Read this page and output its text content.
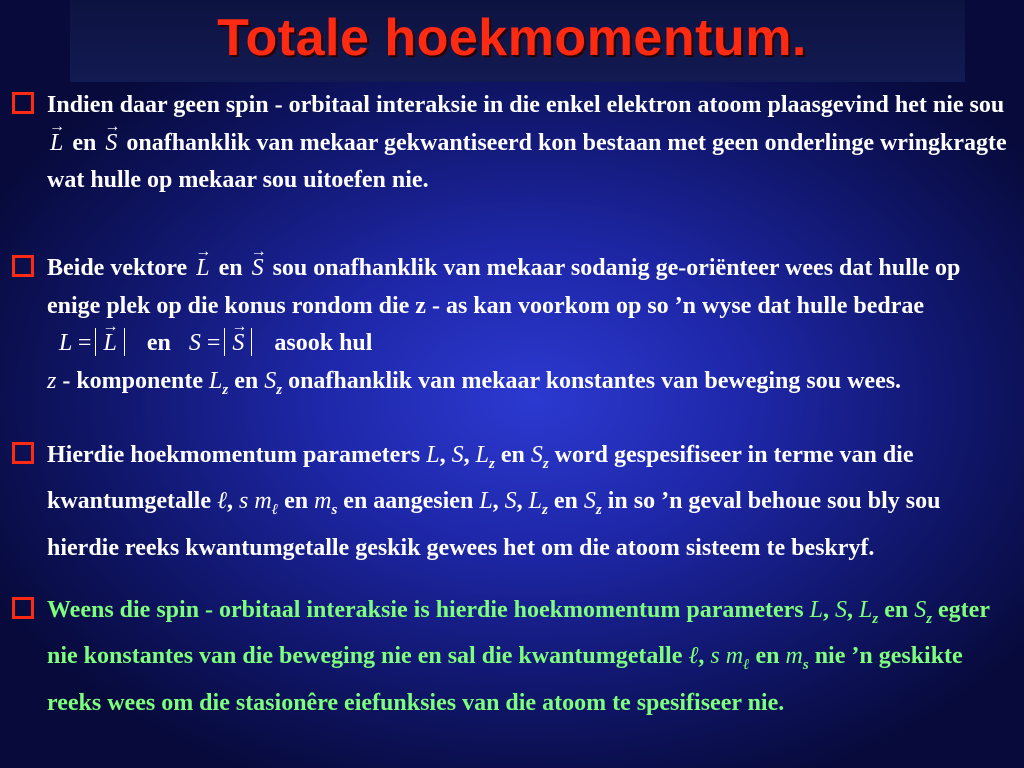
Totale hoekmomentum.
Indien daar geen spin - orbitaal interaksie in die enkel elektron atoom plaasgevind het nie sou → L en → S onafhanklik van mekaar gekwantiseerd kon bestaan met geen onderlinge wringkragte wat hulle op mekaar sou uitoefen nie.
Beide vektore → L en → S sou onafhanklik van mekaar sodanig ge-oriënteer wees dat hulle op enige plek op die konus rondom die z - as kan voorkom op so ’n wyse dat hulle bedrae L = → L en S = → S asook hul
z - komponente $L_z$ en $S_z$ onafhanklik van mekaar konstantes van beweging sou wees.
Hierdie hoekmomentum parameters L, S, $L_z$ en $S_z$ word gespesifiseer in terme van die kwantumgetalle ℓ, s $m_\ell$ en $m_s$ en aangesien L, S, $L_z$ en $S_z$ in so ’n geval behoue sou bly sou hierdie reeks kwantumgetalle geskik gewees het om die atoom sisteem te beskryf.
Weens die spin - orbitaal interaksie is hierdie hoekmomentum parameters L, S, $L_z$ en $S_z$ egter nie konstantes van die beweging nie en sal die kwantumgetalle ℓ, s $m_\ell$ en $m_s$ nie ’n geskikte reeks wees om die stasionêre eiefunksies van die atoom te spesifiseer nie.
